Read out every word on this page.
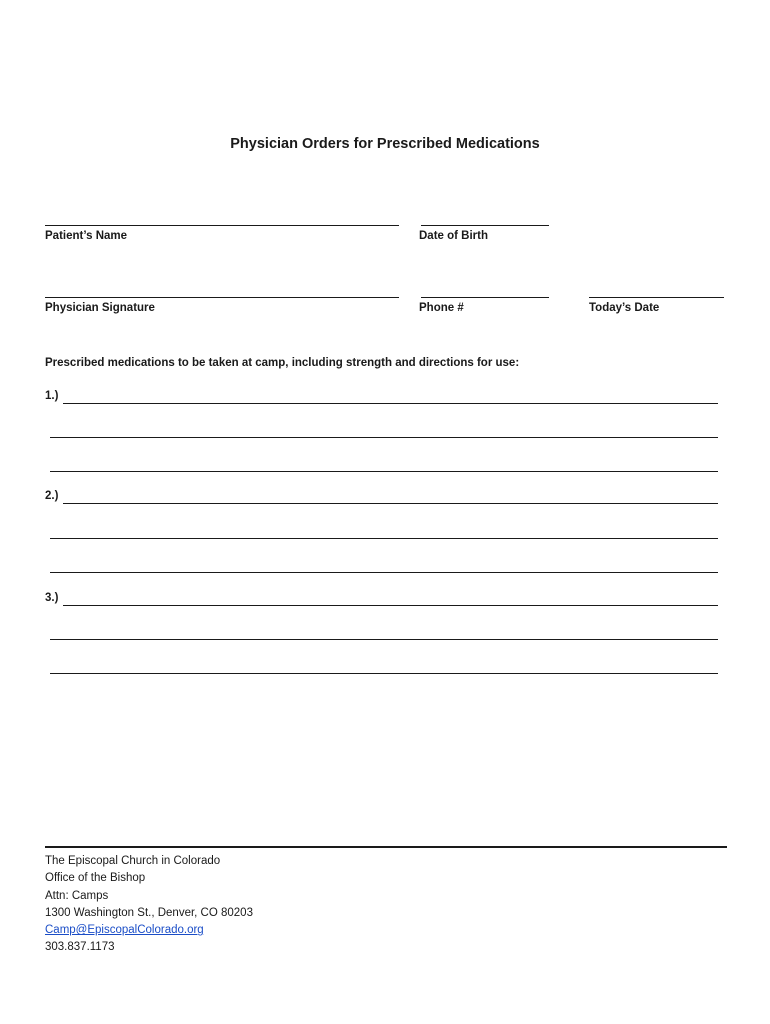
Physician Orders for Prescribed Medications
Patient’s Name	Date of Birth
Physician Signature	Phone #	Today’s Date
Prescribed medications to be taken at camp, including strength and directions for use:
1.)
2.)
3.)
The Episcopal Church in Colorado
Office of the Bishop
Attn: Camps
1300 Washington St., Denver, CO 80203
Camp@EpiscopalColorado.org
303.837.1173
